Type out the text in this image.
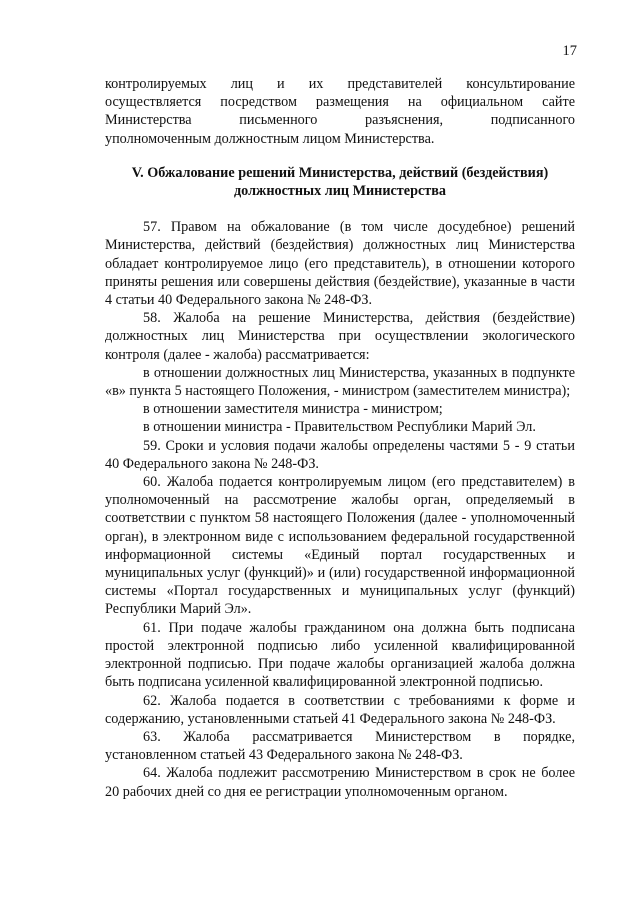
17
контролируемых лиц и их представителей консультирование
осуществляется посредством размещения на официальном сайте
Министерства письменного разъяснения, подписанного
уполномоченным должностным лицом Министерства.
V. Обжалование решений Министерства, действий (бездействия)
должностных лиц Министерства

57. Правом на обжалование (в том числе досудебное) решений Министерства, действий (бездействия) должностных лиц Министерства обладает контролируемое лицо (его представитель), в отношении которого приняты решения или совершены действия (бездействие), указанные в части 4 статьи 40 Федерального закона № 248-ФЗ.

58. Жалоба на решение Министерства, действия (бездействие) должностных лиц Министерства при осуществлении экологического контроля (далее - жалоба) рассматривается:

в отношении должностных лиц Министерства, указанных в подпункте «в» пункта 5 настоящего Положения, - министром (заместителем министра);

в отношении заместителя министра - министром;

в отношении министра - Правительством Республики Марий Эл.

59. Сроки и условия подачи жалобы определены частями 5 - 9 статьи 40 Федерального закона № 248-ФЗ.

60. Жалоба подается контролируемым лицом (его представителем) в уполномоченный на рассмотрение жалобы орган, определяемый в соответствии с пунктом 58 настоящего Положения (далее - уполномоченный орган), в электронном виде с использованием федеральной государственной информационной системы «Единый портал государственных и муниципальных услуг (функций)» и (или) государственной информационной системы «Портал государственных и муниципальных услуг (функций) Республики Марий Эл».

61. При подаче жалобы гражданином она должна быть подписана простой электронной подписью либо усиленной квалифицированной электронной подписью. При подаче жалобы организацией жалоба должна быть подписана усиленной квалифицированной электронной подписью.

62. Жалоба подается в соответствии с требованиями к форме и содержанию, установленными статьей 41 Федерального закона № 248-ФЗ.

63. Жалоба рассматривается Министерством в порядке, установленном статьей 43 Федерального закона № 248-ФЗ.

64. Жалоба подлежит рассмотрению Министерством в срок не более 20 рабочих дней со дня ее регистрации уполномоченным органом.
